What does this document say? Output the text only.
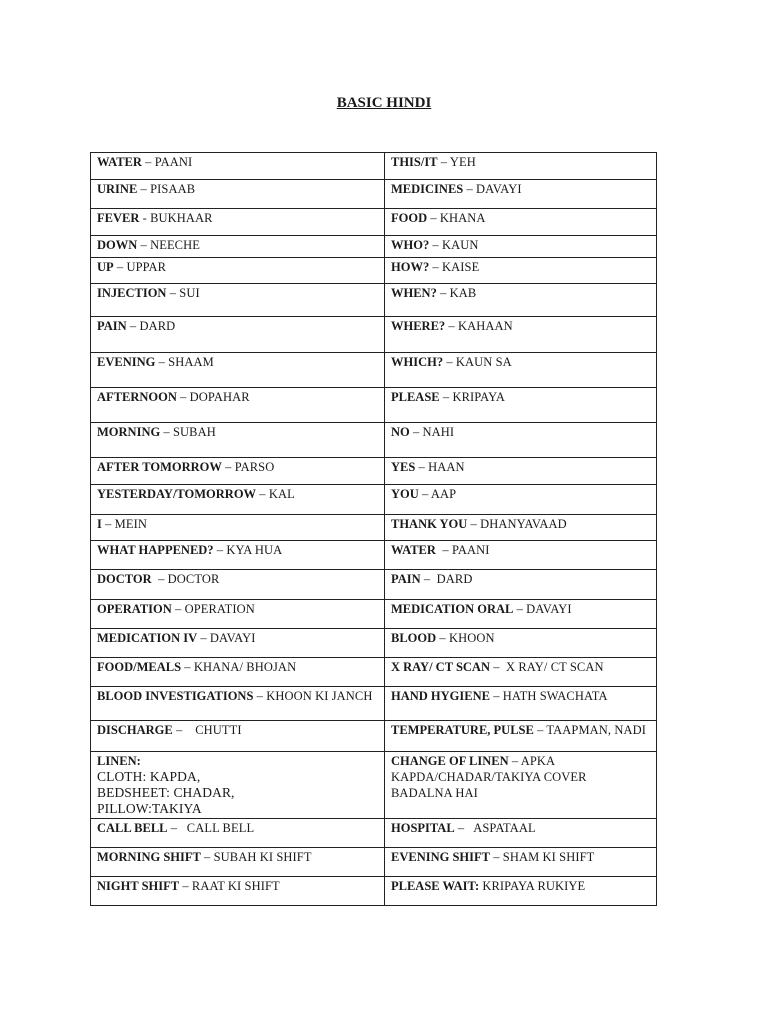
BASIC HINDI
WATER – PAANI	THIS/IT – YEH
URINE – PISAAB	MEDICINES – DAVAYI
FEVER - BUKHAAR	FOOD – KHANA
DOWN – NEECHE	WHO? – KAUN
UP – UPPAR	HOW? – KAISE
INJECTION – SUI	WHEN? – KAB
PAIN – DARD	WHERE? – KAHAAN
EVENING – SHAAM	WHICH? – KAUN SA
AFTERNOON – DOPAHAR	PLEASE – KRIPAYA
MORNING – SUBAH	NO – NAHI
AFTER TOMORROW – PARSO	YES – HAAN
YESTERDAY/TOMORROW – KAL	YOU – AAP
I – MEIN	THANK YOU – DHANYAVAAD
WHAT HAPPENED? – KYA HUA	WATER  – PAANI
DOCTOR  – DOCTOR	PAIN –  DARD
OPERATION – OPERATION	MEDICATION ORAL – DAVAYI
MEDICATION IV – DAVAYI	BLOOD – KHOON
FOOD/MEALS – KHANA/ BHOJAN	X RAY/ CT SCAN –  X RAY/ CT SCAN
BLOOD INVESTIGATIONS – KHOON KI JANCH	HAND HYGIENE – HATH SWACHATA
DISCHARGE –    CHUTTI	TEMPERATURE, PULSE – TAAPMAN, NADI
LINEN:
CLOTH: KAPDA,
BEDSHEET: CHADAR,
PILLOW:TAKIYA	CHANGE OF LINEN – APKA KAPDA/CHADAR/TAKIYA COVER BADALNA HAI
CALL BELL –   CALL BELL	HOSPITAL –   ASPATAAL
MORNING SHIFT – SUBAH KI SHIFT	EVENING SHIFT – SHAM KI SHIFT
NIGHT SHIFT – RAAT KI SHIFT	PLEASE WAIT: KRIPAYA RUKIYE
